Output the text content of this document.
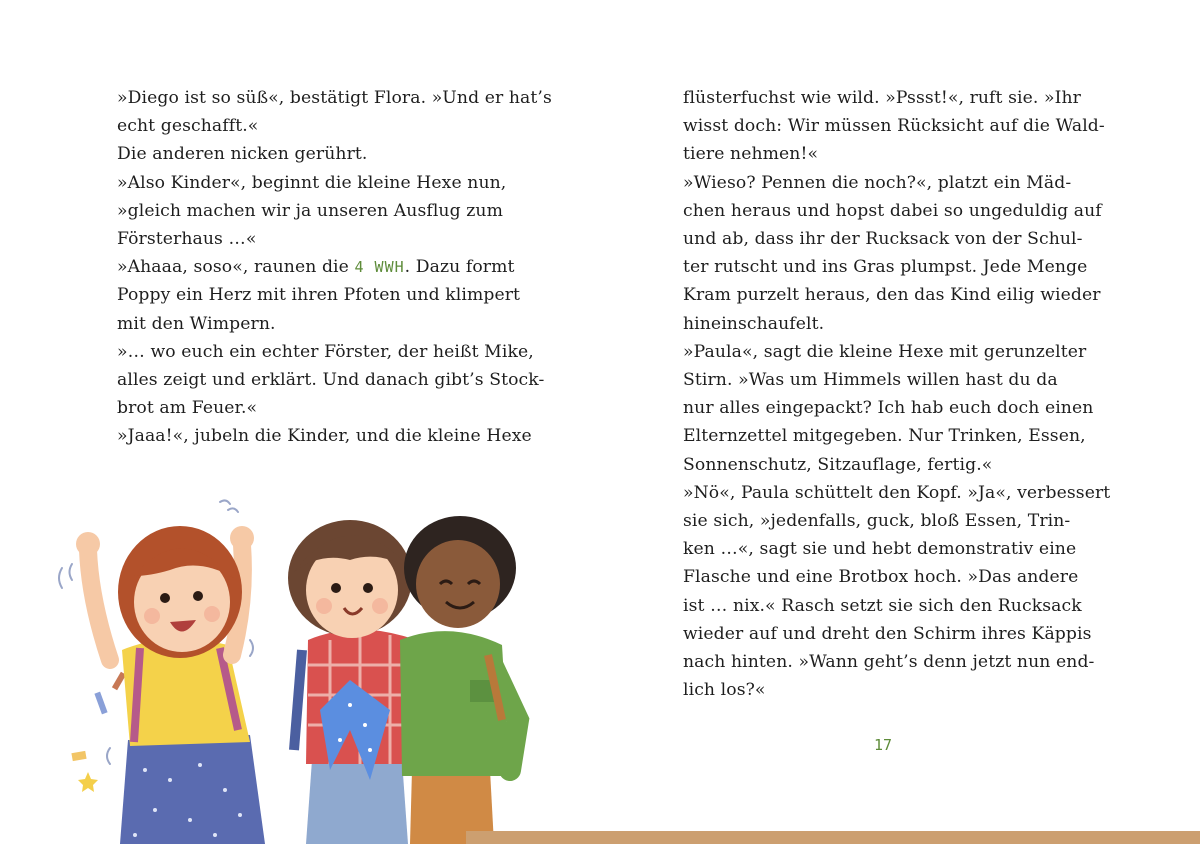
»Diego ist so süß«, bestätigt Flora. »Und er hat’s
echt geschafft.«
Die anderen nicken gerührt.
»Also Kinder«, beginnt die kleine Hexe nun,
»gleich machen wir ja unseren Ausflug zum
Försterhaus …«
»Ahaaa, soso«, raunen die 4 WWH. Dazu formt
Poppy ein Herz mit ihren Pfoten und klimpert
mit den Wimpern.
»… wo euch ein echter Förster, der heißt Mike,
alles zeigt und erklärt. Und danach gibt’s Stock-
brot am Feuer.«
»Jaaa!«, jubeln die Kinder, und die kleine Hexe
flüsterfuchst wie wild. »Pssst!«, ruft sie. »Ihr
wisst doch: Wir müssen Rücksicht auf die Wald-
tiere nehmen!«
»Wieso? Pennen die noch?«, platzt ein Mäd-
chen heraus und hopst dabei so ungeduldig auf
und ab, dass ihr der Rucksack von der Schul-
ter rutscht und ins Gras plumpst. Jede Menge
Kram purzelt heraus, den das Kind eilig wieder
hineinschaufelt.
»Paula«, sagt die kleine Hexe mit gerunzelter
Stirn. »Was um Himmels willen hast du da
nur alles eingepackt? Ich hab euch doch einen
Elternzettel mitgegeben. Nur Trinken, Essen,
Sonnenschutz, Sitzauflage, fertig.«
»Nö«, Paula schüttelt den Kopf. »Ja«, verbessert
sie sich, »jedenfalls, guck, bloß Essen, Trin-
ken …«, sagt sie und hebt demonstrativ eine
Flasche und eine Brotbox hoch. »Das andere
ist … nix.« Rasch setzt sie sich den Rucksack
wieder auf und dreht den Schirm ihres Käppis
nach hinten. »Wann geht’s denn jetzt nun end-
lich los?«
17
